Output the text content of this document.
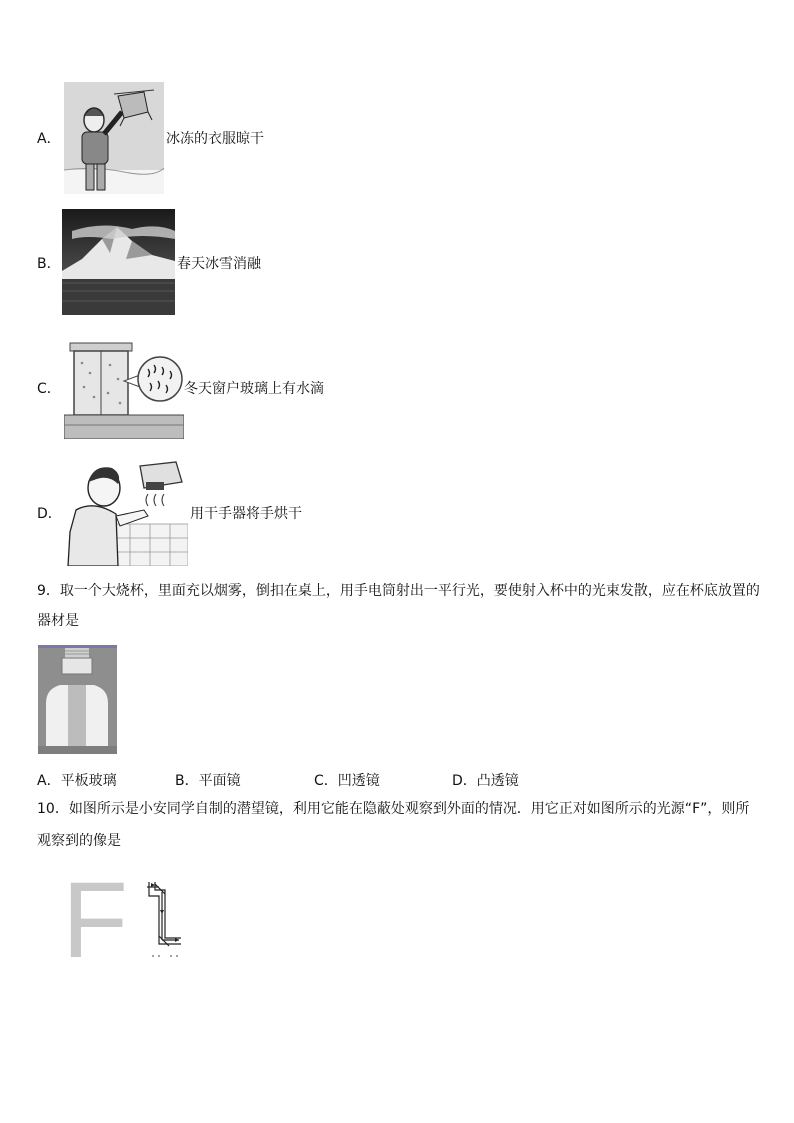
A．	冰冻的衣服晾干
B．	春天冰雪消融
C．	冬天窗户玻璃上有水滴
D．	用干手器将手烘干
9．取一个大烧杯，里面充以烟雾，倒扣在桌上，用手电筒射出一平行光，要使射入杯中的光束发散，应在杯底放置的
器材是
A．平板玻璃	B．平面镜	C．凹透镜	D．凸透镜
10．如图所示是小安同学自制的潜望镜，利用它能在隐蔽处观察到外面的情况．用它正对如图所示的光源“F”，则所
观察到的像是
F
